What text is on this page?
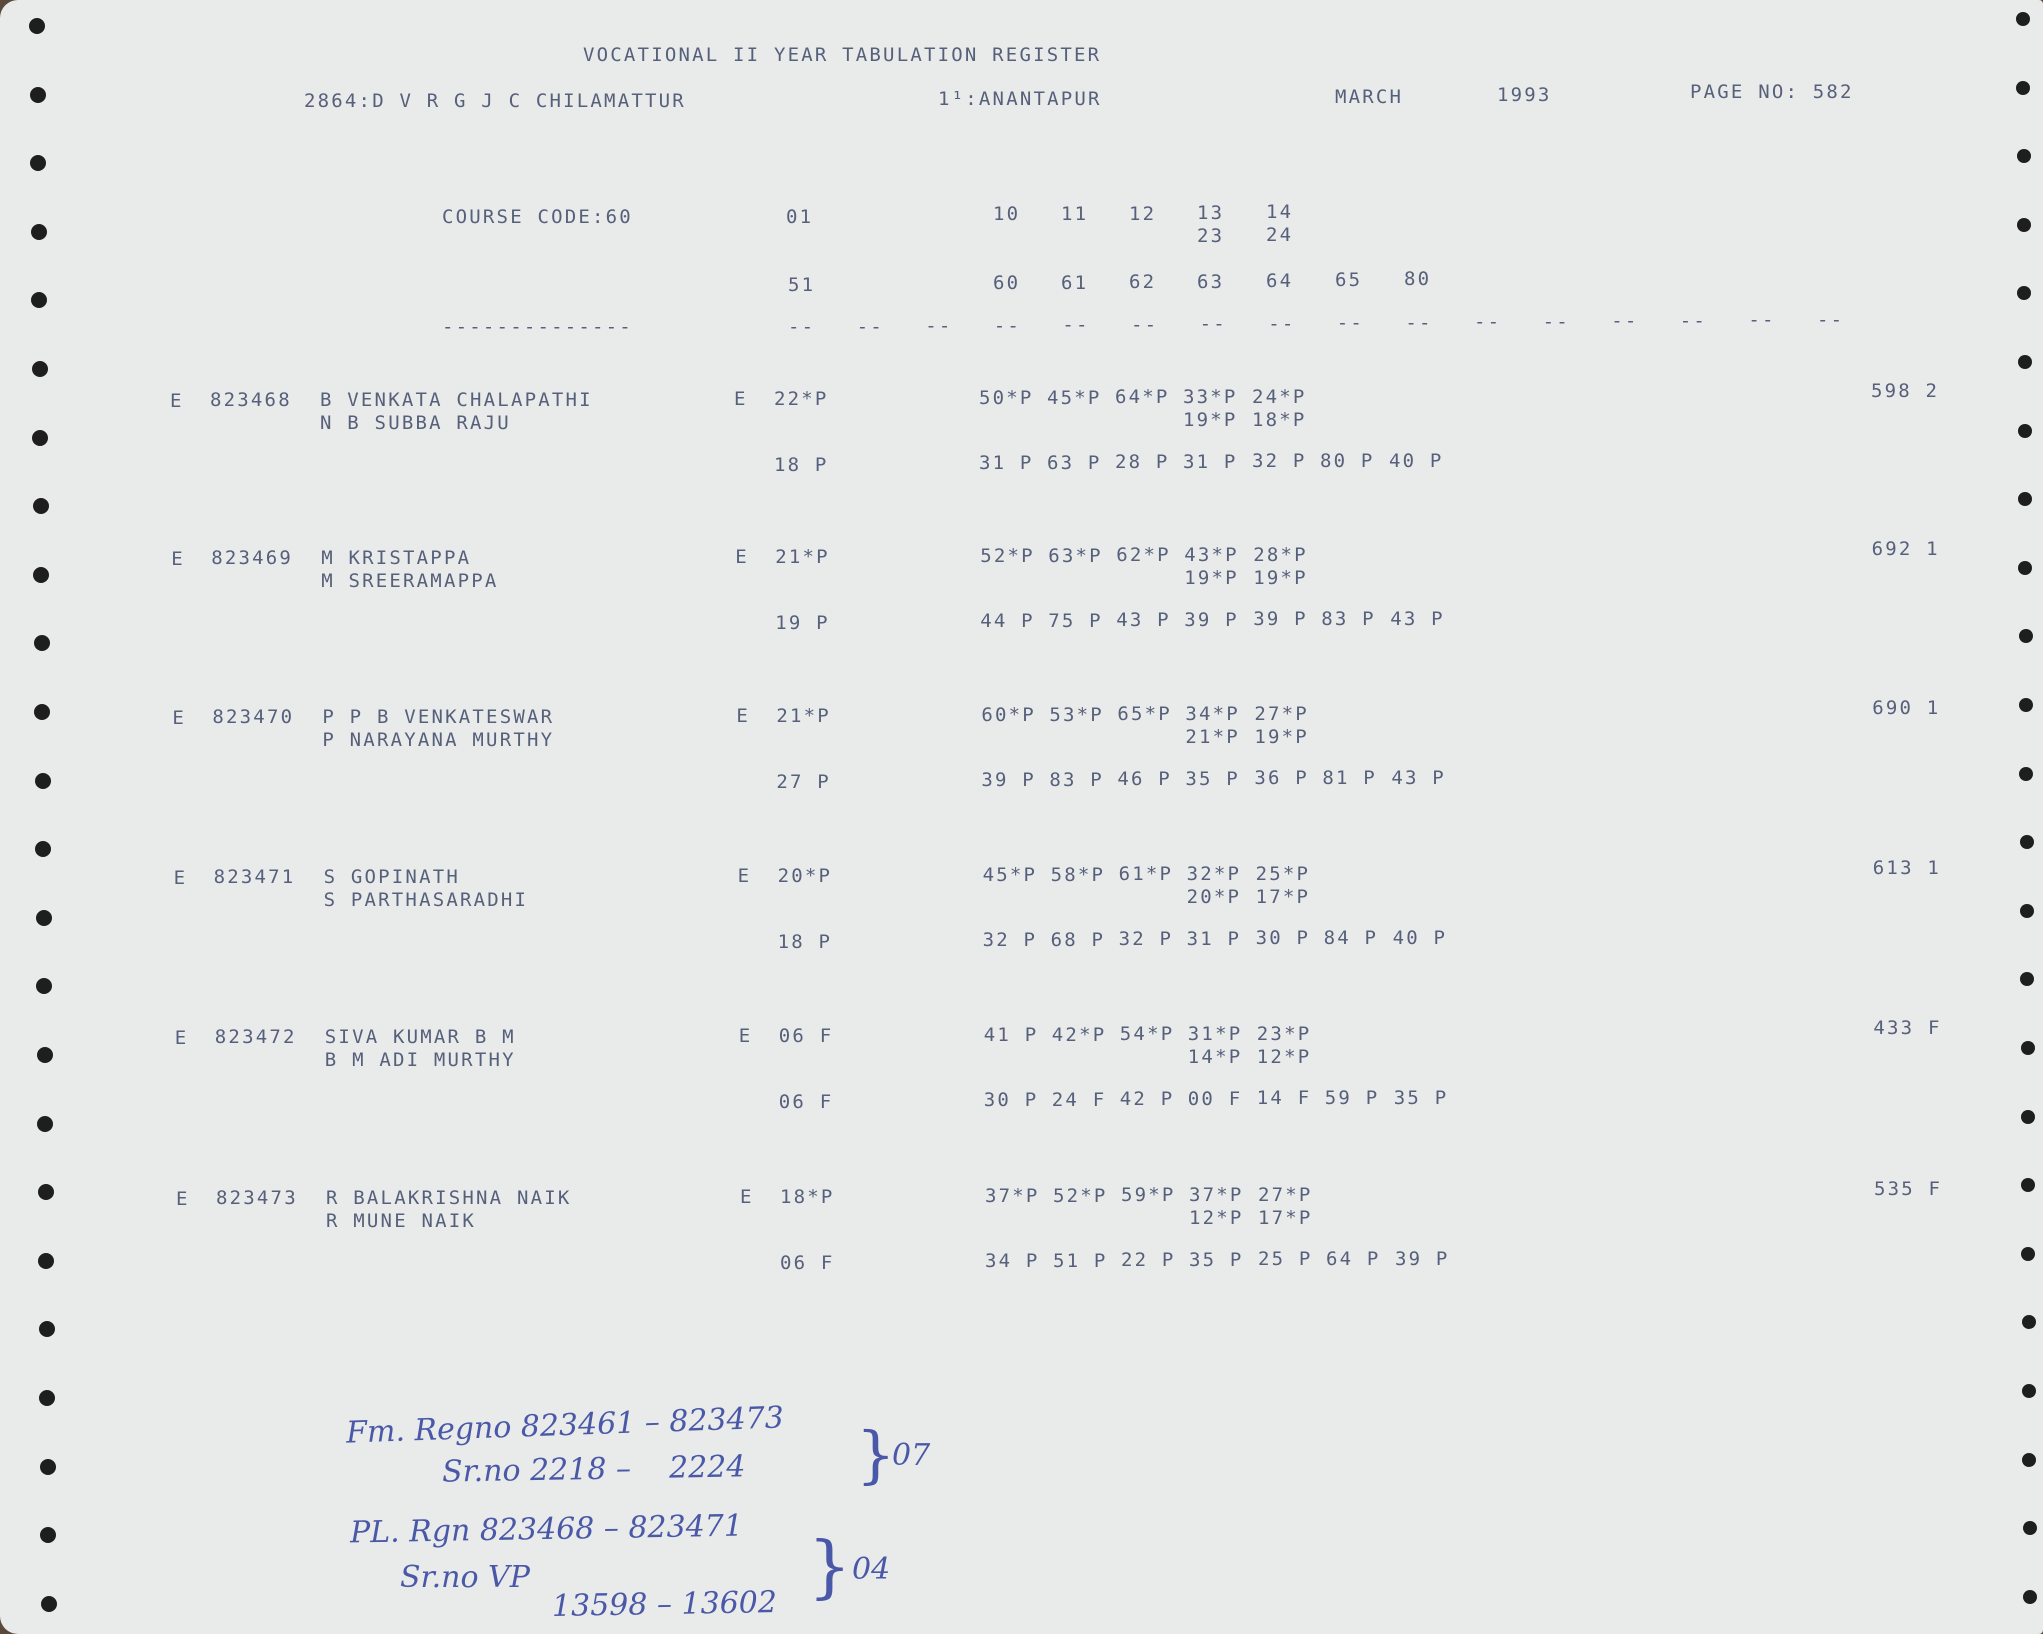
VOCATIONAL II YEAR TABULATION REGISTER
2864:D V R G J C CHILAMATTUR	1¹:ANANTAPUR	MARCH	1993	PAGE NO: 582
COURSE CODE:60	01	10 11 12 13 14
23 24
51	60 61 62 63 64 65 80
--------------	-- -- -- -- -- -- -- -- -- -- -- -- -- -- -- --
E 823468 B VENKATA CHALAPATHI
N B SUBBA RAJU
E 22*P	50*P 45*P 64*P 33*P 24*P
19*P 18*P
18 P	31 P 63 P 28 P 31 P 32 P 80 P 40 P
598 2
E 823469 M KRISTAPPA
M SREERAMAPPA
E 21*P	52*P 63*P 62*P 43*P 28*P
19*P 19*P
19 P	44 P 75 P 43 P 39 P 39 P 83 P 43 P
692 1
E 823470 P P B VENKATESWAR
P NARAYANA MURTHY
E 21*P	60*P 53*P 65*P 34*P 27*P
21*P 19*P
27 P	39 P 83 P 46 P 35 P 36 P 81 P 43 P
690 1
E 823471 S GOPINATH
S PARTHASARADHI
E 20*P	45*P 58*P 61*P 32*P 25*P
20*P 17*P
18 P	32 P 68 P 32 P 31 P 30 P 84 P 40 P
613 1
E 823472 SIVA KUMAR B M
B M ADI MURTHY
E 06 F	41 P 42*P 54*P 31*P 23*P
14*P 12*P
06 F	30 P 24 F 42 P 00 F 14 F 59 P 35 P
433 F
E 823473 R BALAKRISHNA NAIK
R MUNE NAIK
E 18*P	37*P 52*P 59*P 37*P 27*P
12*P 17*P
06 F	34 P 51 P 22 P 35 P 25 P 64 P 39 P
535 F
Fm. Regno 823461 – 823473
Sr.no 2218 –    2224 }
07
PL. Rgn 823468 – 823471
Sr.no VP
13598 – 13602 } 04
